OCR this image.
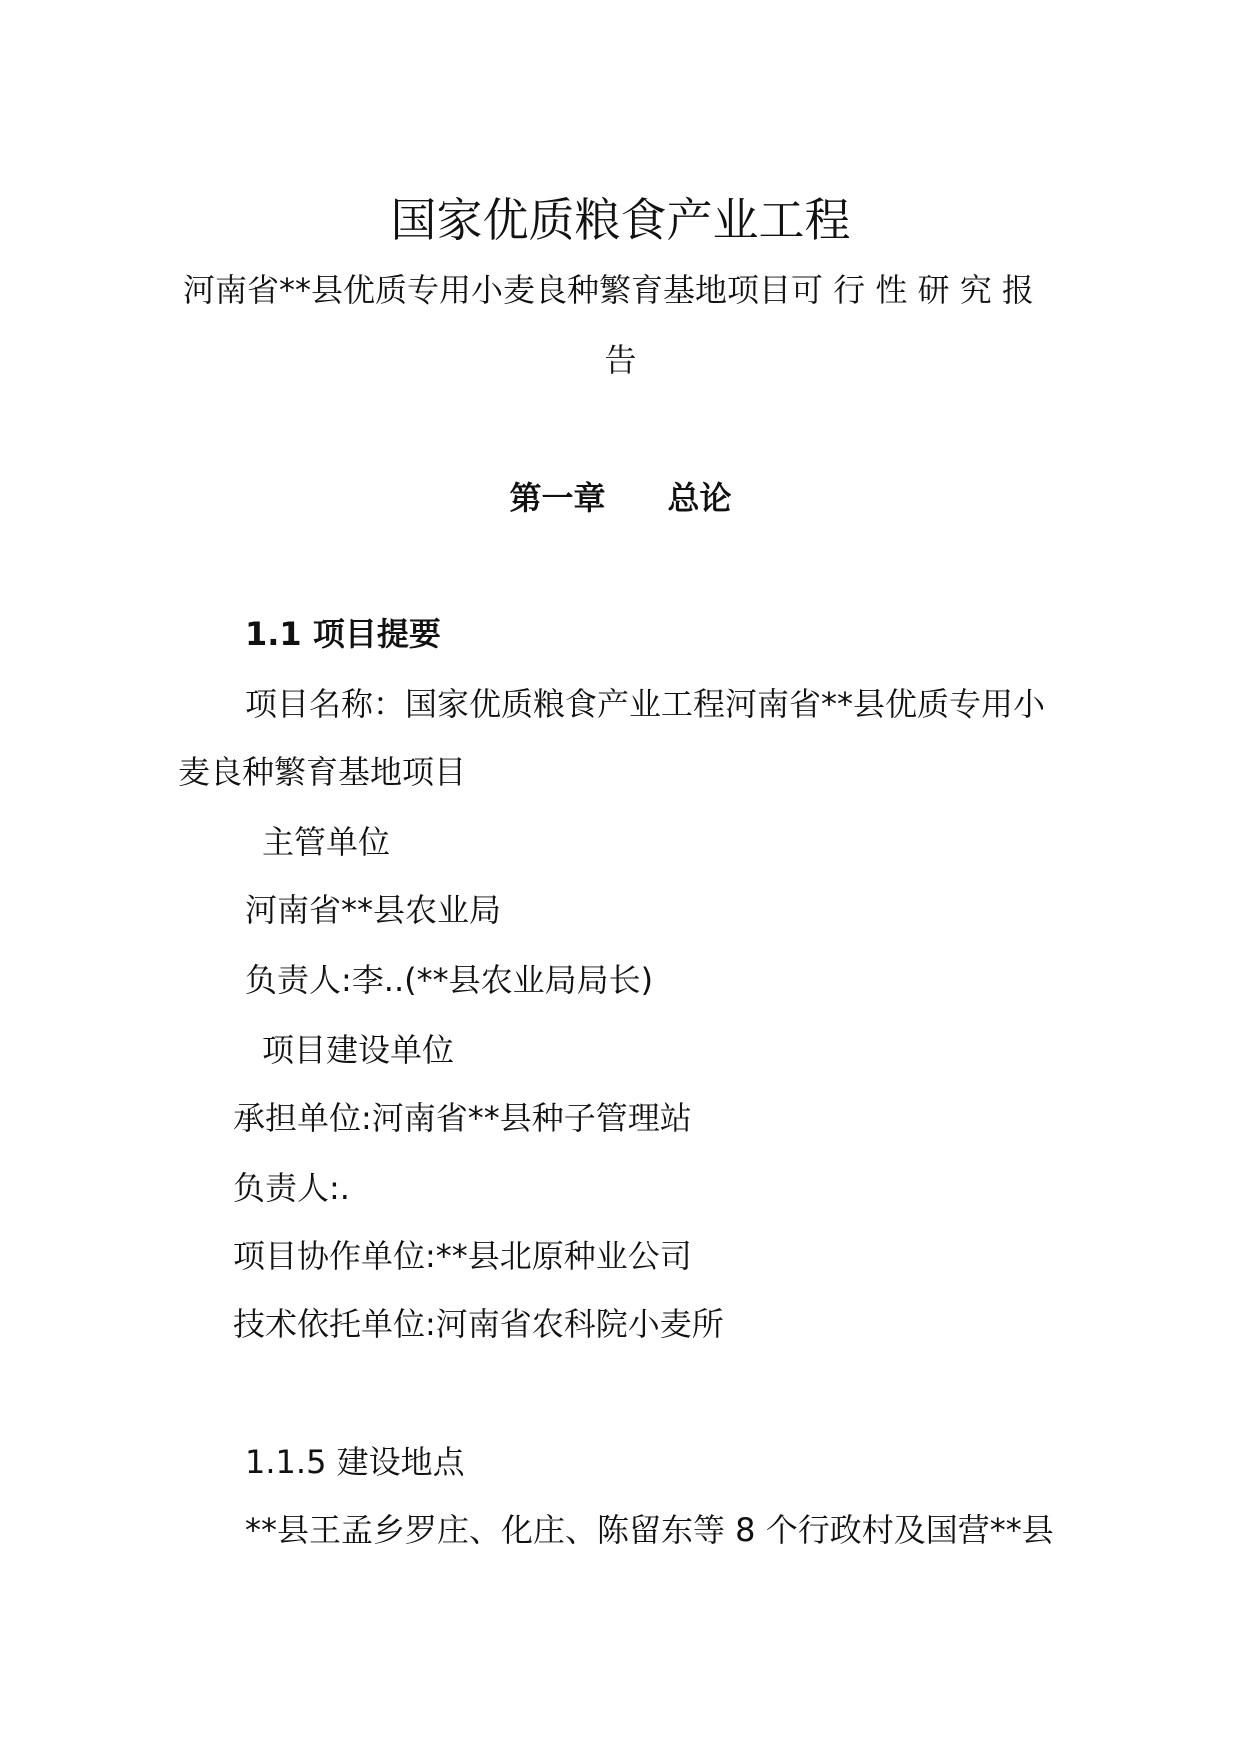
国家优质粮食产业工程
河南省**县优质专用小麦良种繁育基地项目可 行 性 研 究 报
告
第一章 总论
1.1 项目提要
项目名称：国家优质粮食产业工程河南省**县优质专用小
麦良种繁育基地项目
主管单位
河南省**县农业局
负责人:李..(**县农业局局长)
项目建设单位
承担单位:河南省**县种子管理站
负责人:.
项目协作单位:**县北原种业公司
技术依托单位:河南省农科院小麦所
1.1.5 建设地点
**县王孟乡罗庄、化庄、陈留东等 8 个行政村及国营**县
